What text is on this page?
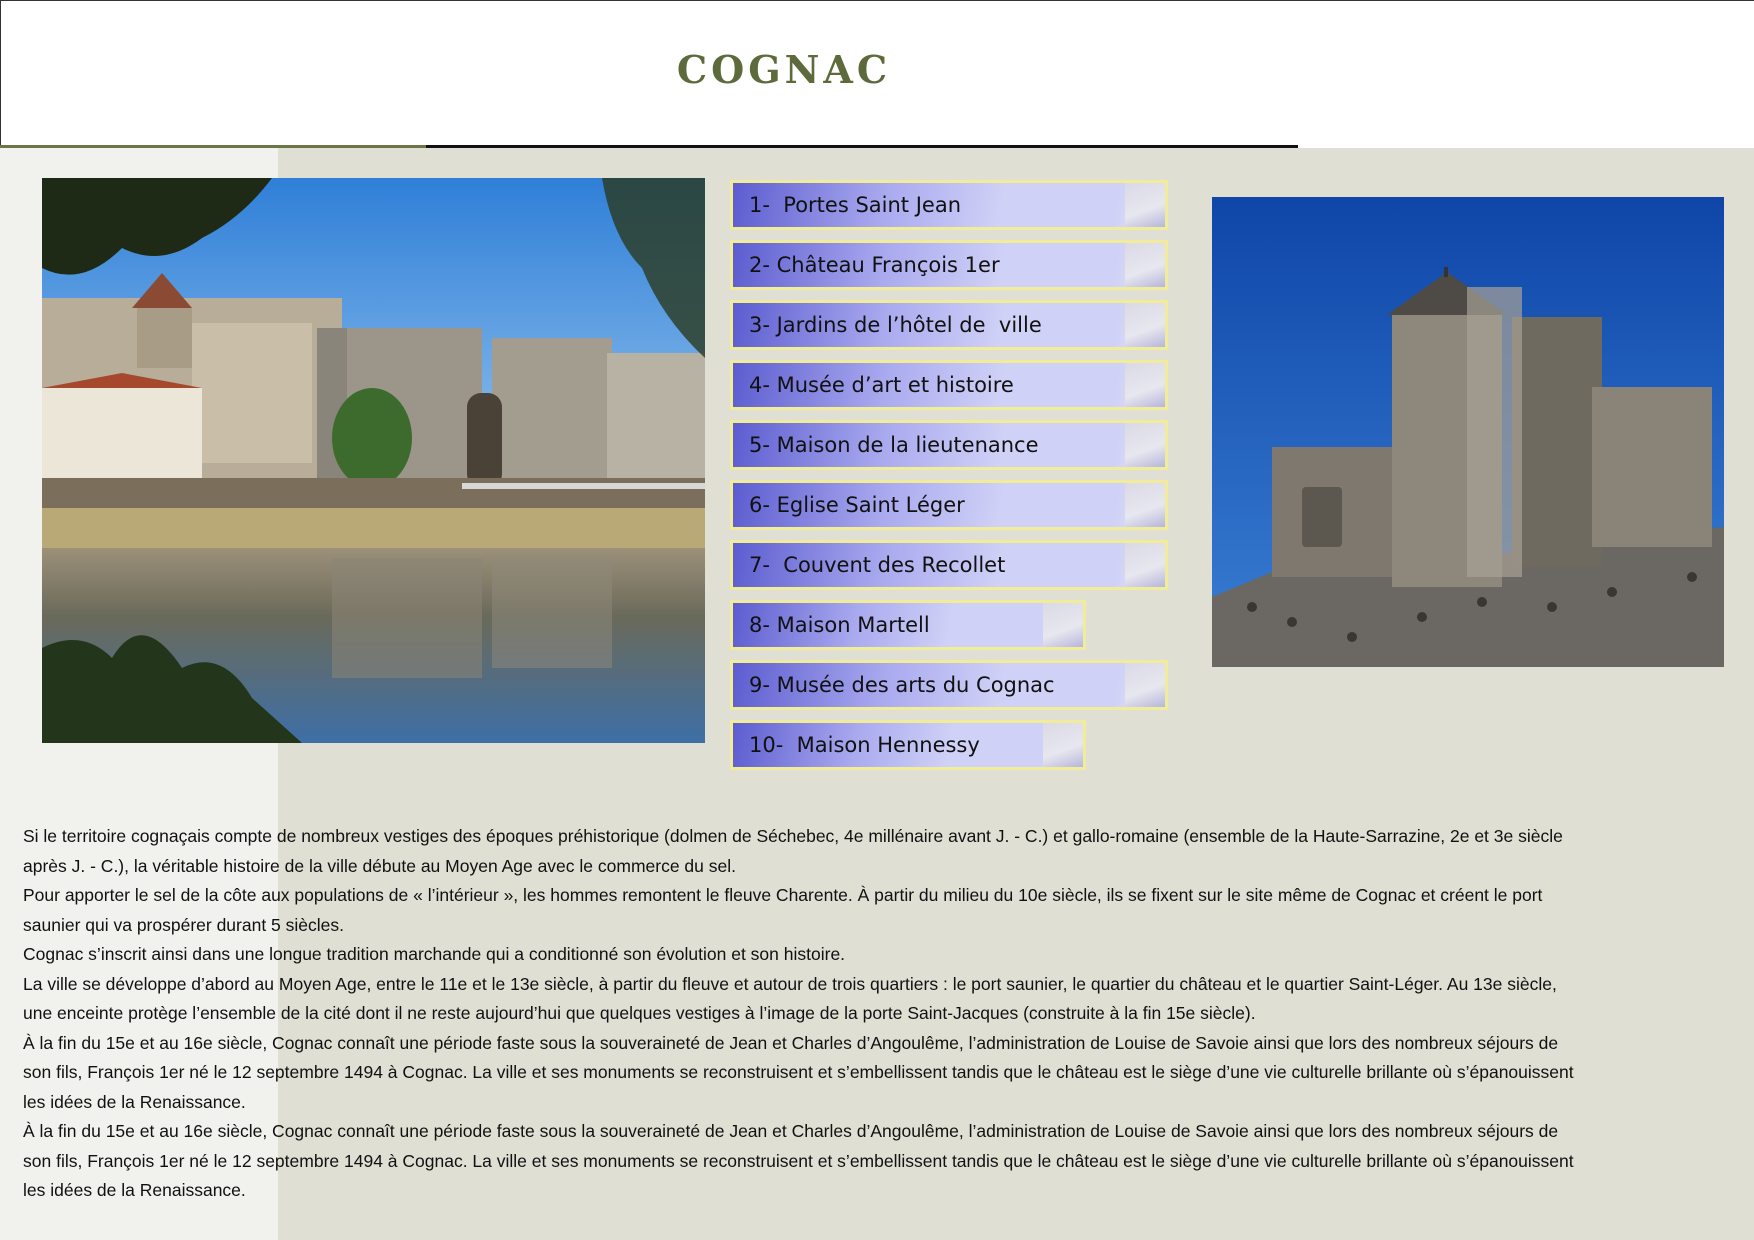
COGNAC
1-  Portes Saint Jean
2- Château François 1er
3- Jardins de l’hôtel de  ville
4- Musée d’art et histoire
5- Maison de la lieutenance
6- Eglise Saint Léger
7-  Couvent des Recollet
8- Maison Martell
9- Musée des arts du Cognac
10-  Maison Hennessy

Si le territoire cognaçais compte de nombreux vestiges des époques préhistorique (dolmen de Séchebec, 4e millénaire avant J. - C.) et gallo-romaine (ensemble de la Haute-Sarrazine, 2e et 3e siècle après J. - C.), la véritable histoire de la ville débute au Moyen Age avec le commerce du sel.

Pour apporter le sel de la côte aux populations de « l’intérieur », les hommes remontent le fleuve Charente. À partir du milieu du 10e siècle, ils se fixent sur le site même de Cognac et créent le port saunier qui va prospérer durant 5 siècles.

Cognac s’inscrit ainsi dans une longue tradition marchande qui a conditionné son évolution et son histoire.

La ville se développe d’abord au Moyen Age, entre le 11e et le 13e siècle, à partir du fleuve et autour de trois quartiers : le port saunier, le quartier du château et le quartier Saint-Léger. Au 13e siècle, une enceinte protège l’ensemble de la cité dont il ne reste aujourd’hui que quelques vestiges à l’image de la porte Saint-Jacques (construite à la fin 15e siècle).

À la fin du 15e et au 16e siècle, Cognac connaît une période faste sous la souveraineté de Jean et Charles d’Angoulême, l’administration de Louise de Savoie ainsi que lors des nombreux séjours de son fils, François 1er né le 12 septembre 1494 à Cognac. La ville et ses monuments se reconstruisent et s’embellissent tandis que le château est le siège d’une vie culturelle brillante où s’épanouissent les idées de la Renaissance.

À la fin du 15e et au 16e siècle, Cognac connaît une période faste sous la souveraineté de Jean et Charles d’Angoulême, l’administration de Louise de Savoie ainsi que lors des nombreux séjours de son fils, François 1er né le 12 septembre 1494 à Cognac. La ville et ses monuments se reconstruisent et s’embellissent tandis que le château est le siège d’une vie culturelle brillante où s’épanouissent les idées de la Renaissance.
